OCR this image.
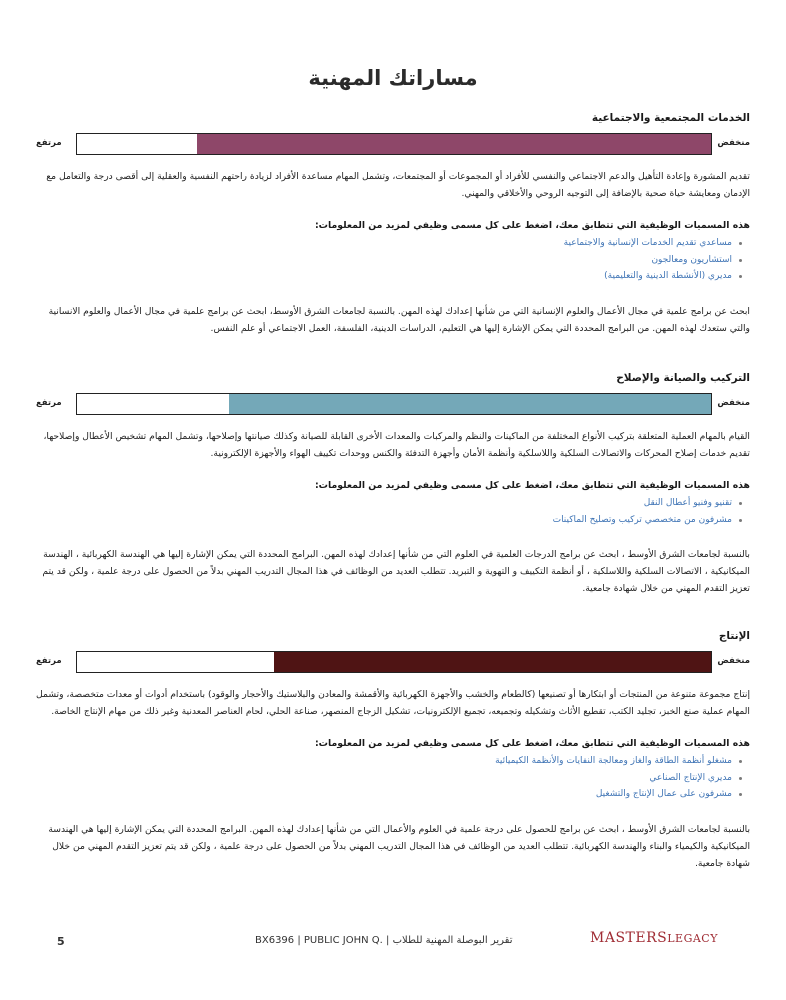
مساراتك المهنية

الخدمات المجتمعية والاجتماعية

منخفض
مرتفع
تقديم المشورة وإعادة التأهيل والدعم الاجتماعي والنفسي للأفراد أو المجموعات أو المجتمعات، وتشمل المهام مساعدة الأفراد لزيادة راحتهم النفسية والعقلية إلى أقصى درجة والتعامل مع الإدمان ومعايشة حياة صحية بالإضافة إلى التوجيه الروحي والأخلاقي والمهني.
هذه المسميات الوظيفية التي تتطابق معك، اضغط على كل مسمى وظيفي لمزيد من المعلومات:
مساعدي تقديم الخدمات الإنسانية والاجتماعية
استشاريون ومعالجون
مديري (الأنشطة الدينية والتعليمية)
ابحث عن برامج علمية في مجال الأعمال والعلوم الإنسانية التي من شأنها إعدادك لهذه المهن. بالنسبة لجامعات الشرق الأوسط، ابحث عن برامج علمية في مجال الأعمال والعلوم الانسانية والتي ستعدك لهذه المهن. من البرامج المحددة التي يمكن الإشارة إليها هي التعليم، الدراسات الدينية، الفلسفة، العمل الاجتماعي أو علم النفس.

التركيب والصيانة والإصلاح

منخفض
مرتفع
القيام بالمهام العملية المتعلقة بتركيب الأنواع المختلفة من الماكينات والنظم والمركبات والمعدات الأخرى القابلة للصيانة وكذلك صيانتها وإصلاحها، وتشمل المهام تشخيص الأعطال وإصلاحها، تقديم خدمات إصلاح المحركات والاتصالات السلكية واللاسلكية وأنظمة الأمان وأجهزة التدفئة والكنس ووحدات تكييف الهواء والأجهزة الإلكترونية.
هذه المسميات الوظيفية التي تتطابق معك، اضغط على كل مسمى وظيفي لمزيد من المعلومات:
تقنيو وفنيو أعطال النقل
مشرفون من متخصصي تركيب وتصليح الماكينات
بالنسبة لجامعات الشرق الأوسط ، ابحث عن برامج الدرجات العلمية في العلوم التي من شأنها إعدادك لهذه المهن. البرامج المحددة التي يمكن الإشارة إليها هي الهندسة الكهربائية ، الهندسة الميكانيكية ، الاتصالات السلكية واللاسلكية ، أو أنظمة التكييف و التهوية و التبريد. تتطلب العديد من الوظائف في هذا المجال التدريب المهني بدلاً من الحصول على درجة علمية ، ولكن قد يتم تعزيز التقدم المهني من خلال شهادة جامعية.

الإنتاج

منخفض
مرتفع
إنتاج مجموعة متنوعة من المنتجات أو ابتكارها أو تصنيعها (كالطعام والخشب والأجهزة الكهربائية والأقمشة والمعادن والبلاستيك والأحجار والوقود) باستخدام أدوات أو معدات متخصصة، وتشمل المهام عملية صنع الخبز، تجليد الكتب، تقطيع الأثاث وتشكيله وتجميعه، تجميع الإلكترونيات، تشكيل الزجاج المنصهر، صناعة الحلي، لحام العناصر المعدنية وغير ذلك من مهام الإنتاج الخاصة.
هذه المسميات الوظيفية التي تتطابق معك، اضغط على كل مسمى وظيفي لمزيد من المعلومات:
مشغلو أنظمة الطاقة والغاز ومعالجة النفايات والأنظمة الكيميائية
مديري الإنتاج الصناعي
مشرفون على عمال الإنتاج والتشغيل
بالنسبة لجامعات الشرق الأوسط ، ابحث عن برامج للحصول على درجة علمية في العلوم والأعمال التي من شأنها إعدادك لهذه المهن. البرامج المحددة التي يمكن الإشارة إليها هي الهندسة الميكانيكية والكيمياء والبناء والهندسة الكهربائية. تتطلب العديد من الوظائف في هذا المجال التدريب المهني بدلاً من الحصول على درجة علمية ، ولكن قد يتم تعزيز التقدم المهني من خلال شهادة جامعية.
5	BX6396 | PUBLIC JOHN Q. | تقرير البوصلة المهنية للطلاب	MASTERSLEGACY
